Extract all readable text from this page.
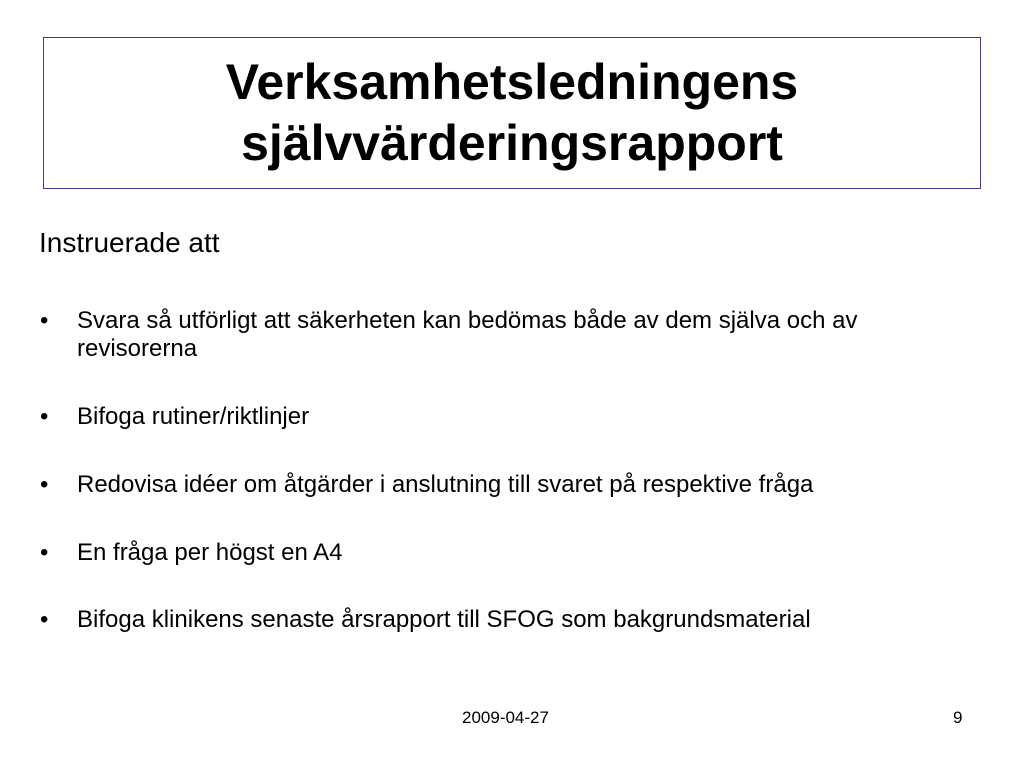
Verksamhetsledningens
självvärderingsrapport

Instruerade att

• Svara så utförligt att säkerheten kan bedömas både av dem själva och av revisorerna
• Bifoga rutiner/riktlinjer
• Redovisa idéer om åtgärder i anslutning till svaret på respektive fråga
• En fråga per högst en A4
• Bifoga klinikens senaste årsrapport till SFOG som bakgrundsmaterial
2009-04-27	9
